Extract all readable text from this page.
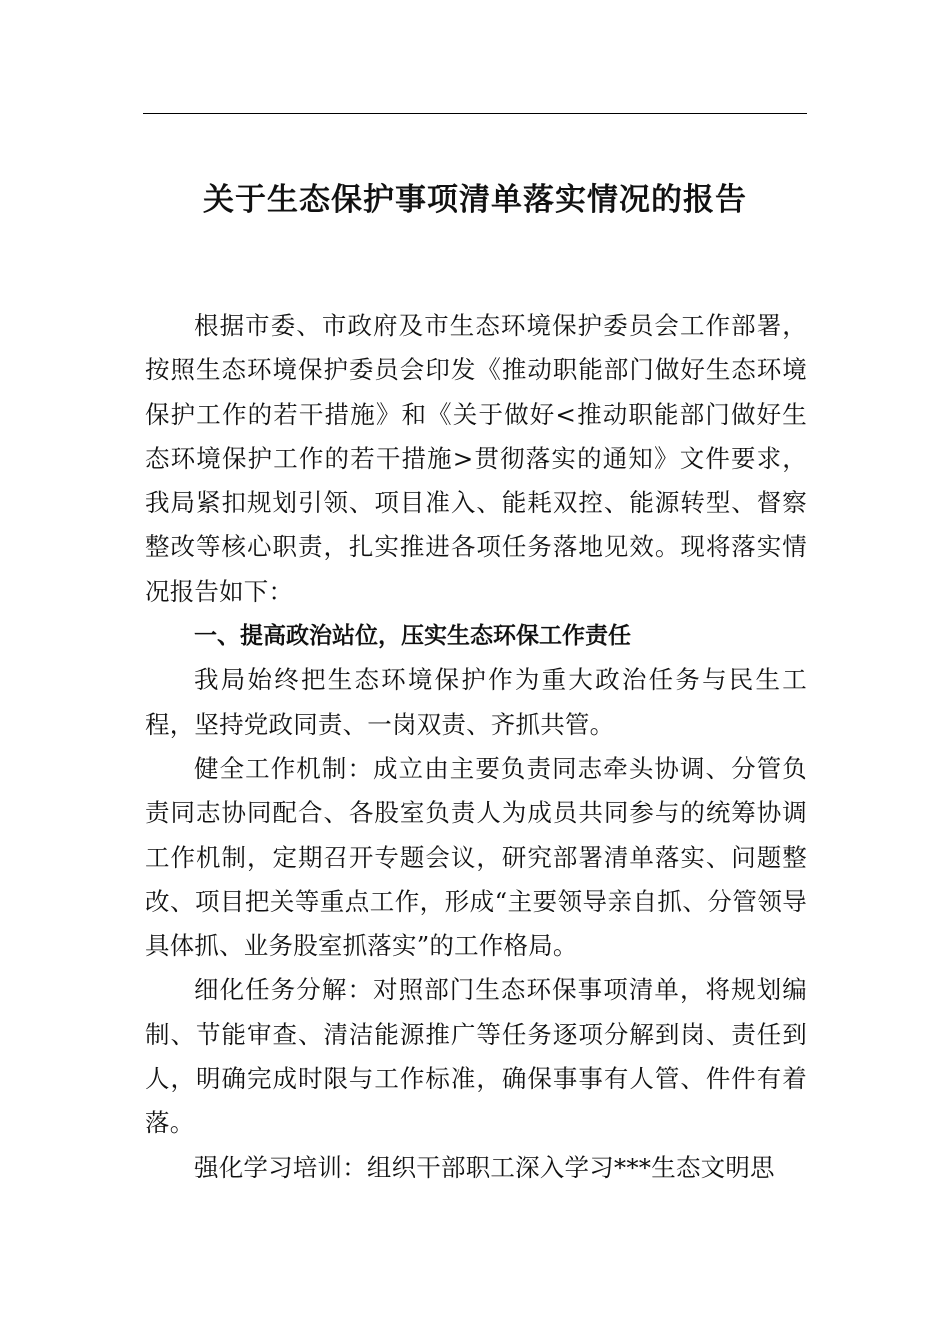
关于生态保护事项清单落实情况的报告

根据市委、市政府及市生态环境保护委员会工作部署，按照生态环境保护委员会印发《推动职能部门做好生态环境保护工作的若干措施》和《关于做好<推动职能部门做好生态环境保护工作的若干措施>贯彻落实的通知》文件要求，我局紧扣规划引领、项目准入、能耗双控、能源转型、督察整改等核心职责，扎实推进各项任务落地见效。现将落实情况报告如下：

一、提高政治站位，压实生态环保工作责任

我局始终把生态环境保护作为重大政治任务与民生工程，坚持党政同责、一岗双责、齐抓共管。

健全工作机制：成立由主要负责同志牵头协调、分管负责同志协同配合、各股室负责人为成员共同参与的统筹协调工作机制，定期召开专题会议，研究部署清单落实、问题整改、项目把关等重点工作，形成“主要领导亲自抓、分管领导具体抓、业务股室抓落实”的工作格局。

细化任务分解：对照部门生态环保事项清单，将规划编制、节能审查、清洁能源推广等任务逐项分解到岗、责任到人，明确完成时限与工作标准，确保事事有人管、件件有着落。

强化学习培训：组织干部职工深入学习***生态文明思
